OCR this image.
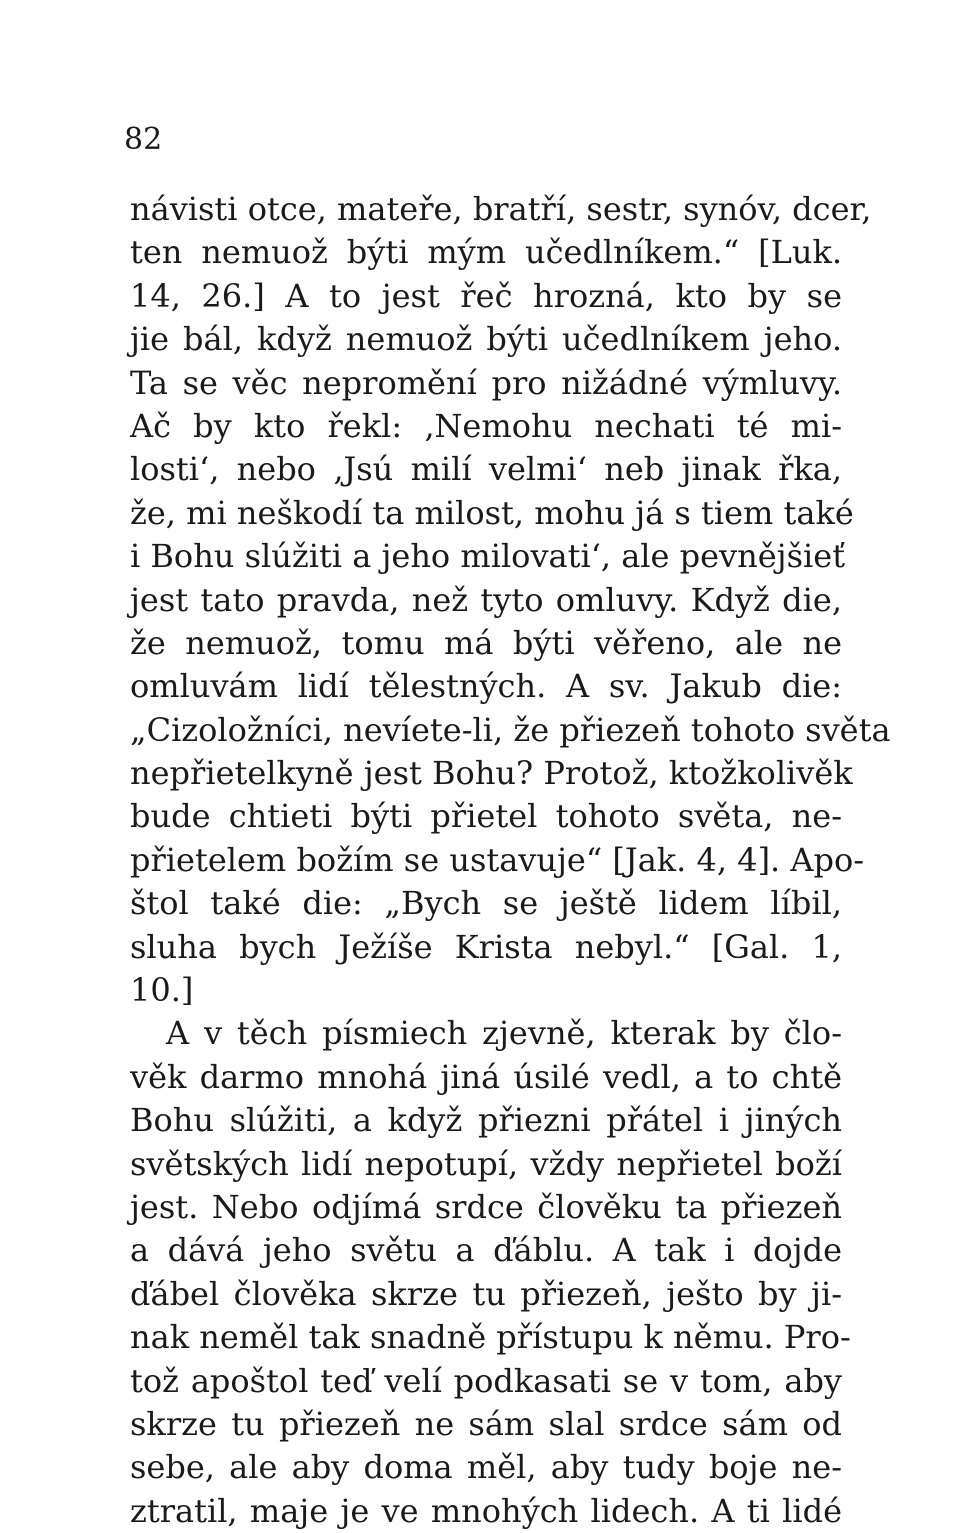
82
návisti otce, mateře, bratří, sestr, synóv, dcer,
ten nemuož býti mým učedlníkem.“ [Luk.
14, 26.] A to jest řeč hrozná, kto by se
jie bál, když nemuož býti učedlníkem jeho.
Ta se věc nepromění pro nižádné výmluvy.
Ač by kto řekl: ‚Nemohu nechati té mi-
losti‘, nebo ‚Jsú milí velmi‘ neb jinak řka,
že, mi neškodí ta milost, mohu já s tiem také
i Bohu slúžiti a jeho milovati‘, ale pevnějšieť
jest tato pravda, než tyto omluvy. Když die,
že nemuož, tomu má býti věřeno, ale ne
omluvám lidí tělestných. A sv. Jakub die:
„Cizoložníci, nevíete-li, že přiezeň tohoto světa
nepřietelkyně jest Bohu? Protož, ktožkolivěk
bude chtieti býti přietel tohoto světa, ne-
přietelem božím se ustavuje“ [Jak. 4, 4]. Apo-
štol také die: „Bych se ještě lidem líbil,
sluha bych Ježíše Krista nebyl.“ [Gal. 1,
10.]
A v těch písmiech zjevně, kterak by člo-
věk darmo mnohá jiná úsilé vedl, a to chtě
Bohu slúžiti, a když přiezni přátel i jiných
světských lidí nepotupí, vždy nepřietel boží
jest. Nebo odjímá srdce člověku ta přiezeň
a dává jeho světu a ďáblu. A tak i dojde
ďábel člověka skrze tu přiezeň, ješto by ji-
nak neměl tak snadně přístupu k němu. Pro-
tož apoštol teď velí podkasati se v tom, aby
skrze tu přiezeň ne sám slal srdce sám od
sebe, ale aby doma měl, aby tudy boje ne-
ztratil, maje je ve mnohých lidech. A ti lidé
